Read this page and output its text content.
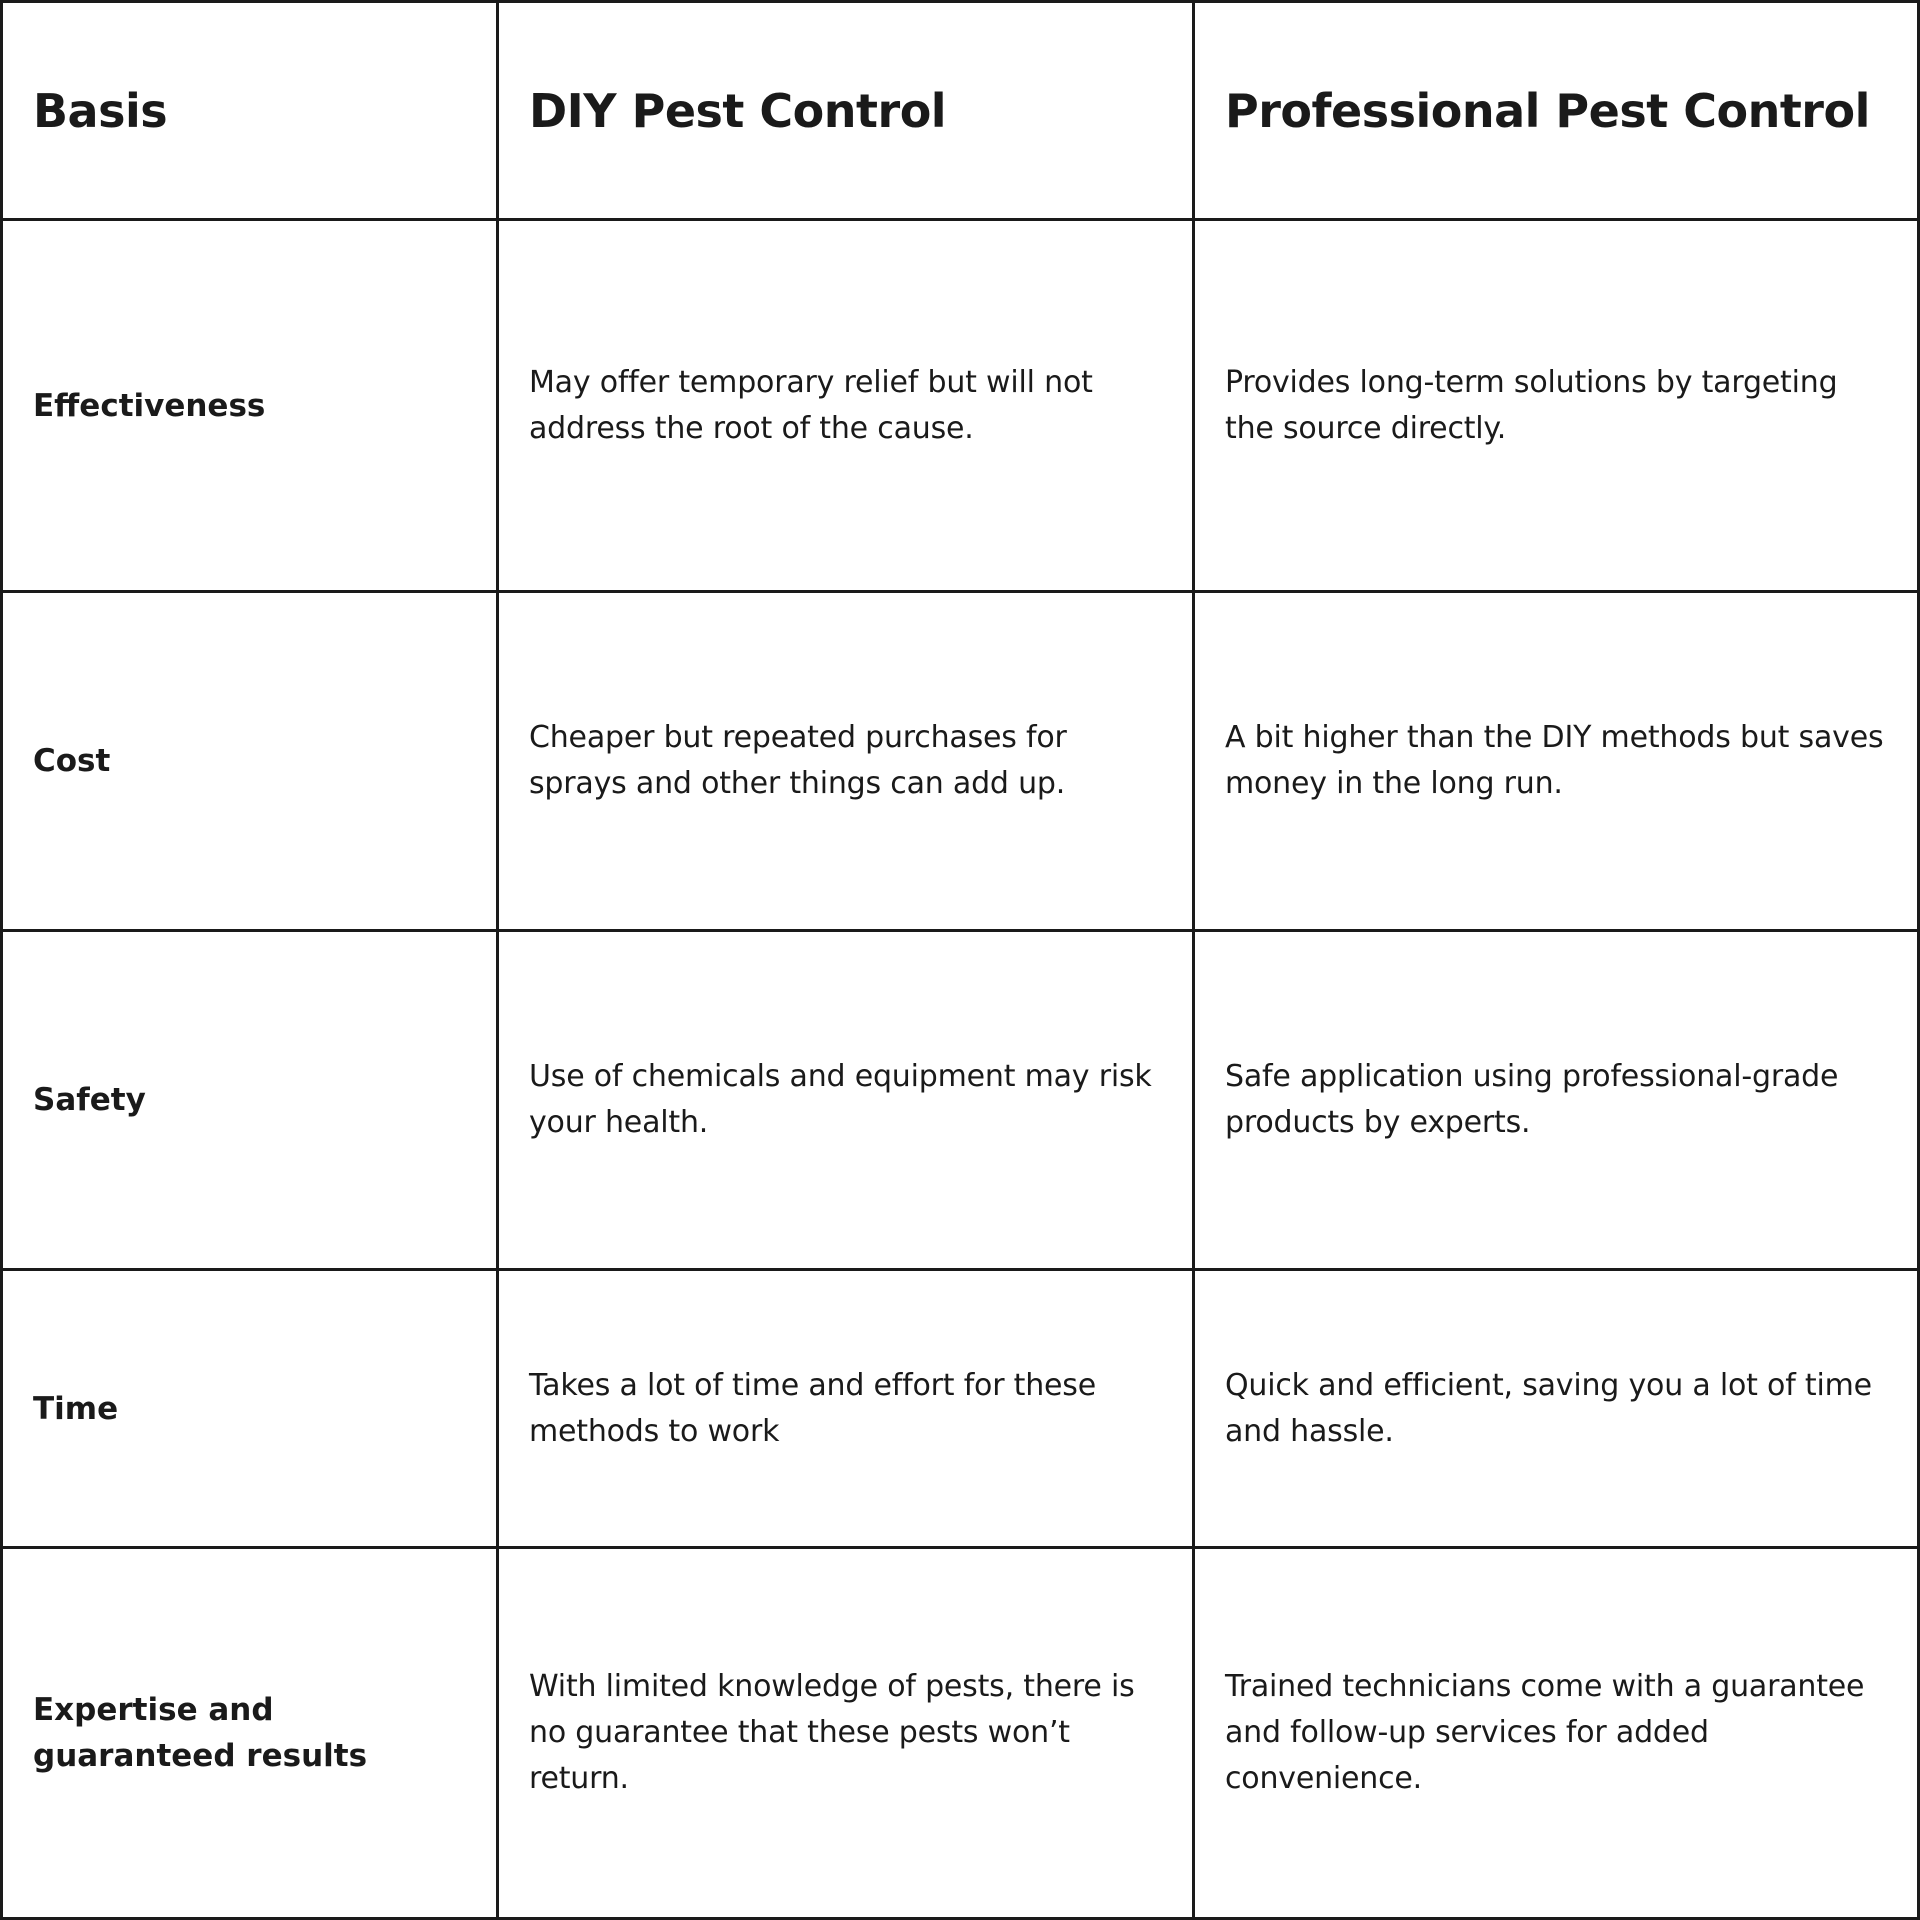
Basis	DIY Pest Control	Professional Pest Control
Effectiveness
May offer temporary relief but will not address the root of the cause.
Provides long-term solutions by targeting the source directly.
Cost
Cheaper but repeated purchases for sprays and other things can add up.
A bit higher than the DIY methods but saves money in the long run.
Safety
Use of chemicals and equipment may risk your health.
Safe application using professional-grade products by experts.
Time
Takes a lot of time and effort for these methods to work
Quick and efficient, saving you a lot of time and hassle.
Expertise and guaranteed results
With limited knowledge of pests, there is no guarantee that these pests won’t return.
Trained technicians come with a guarantee and follow-up services for added convenience.
